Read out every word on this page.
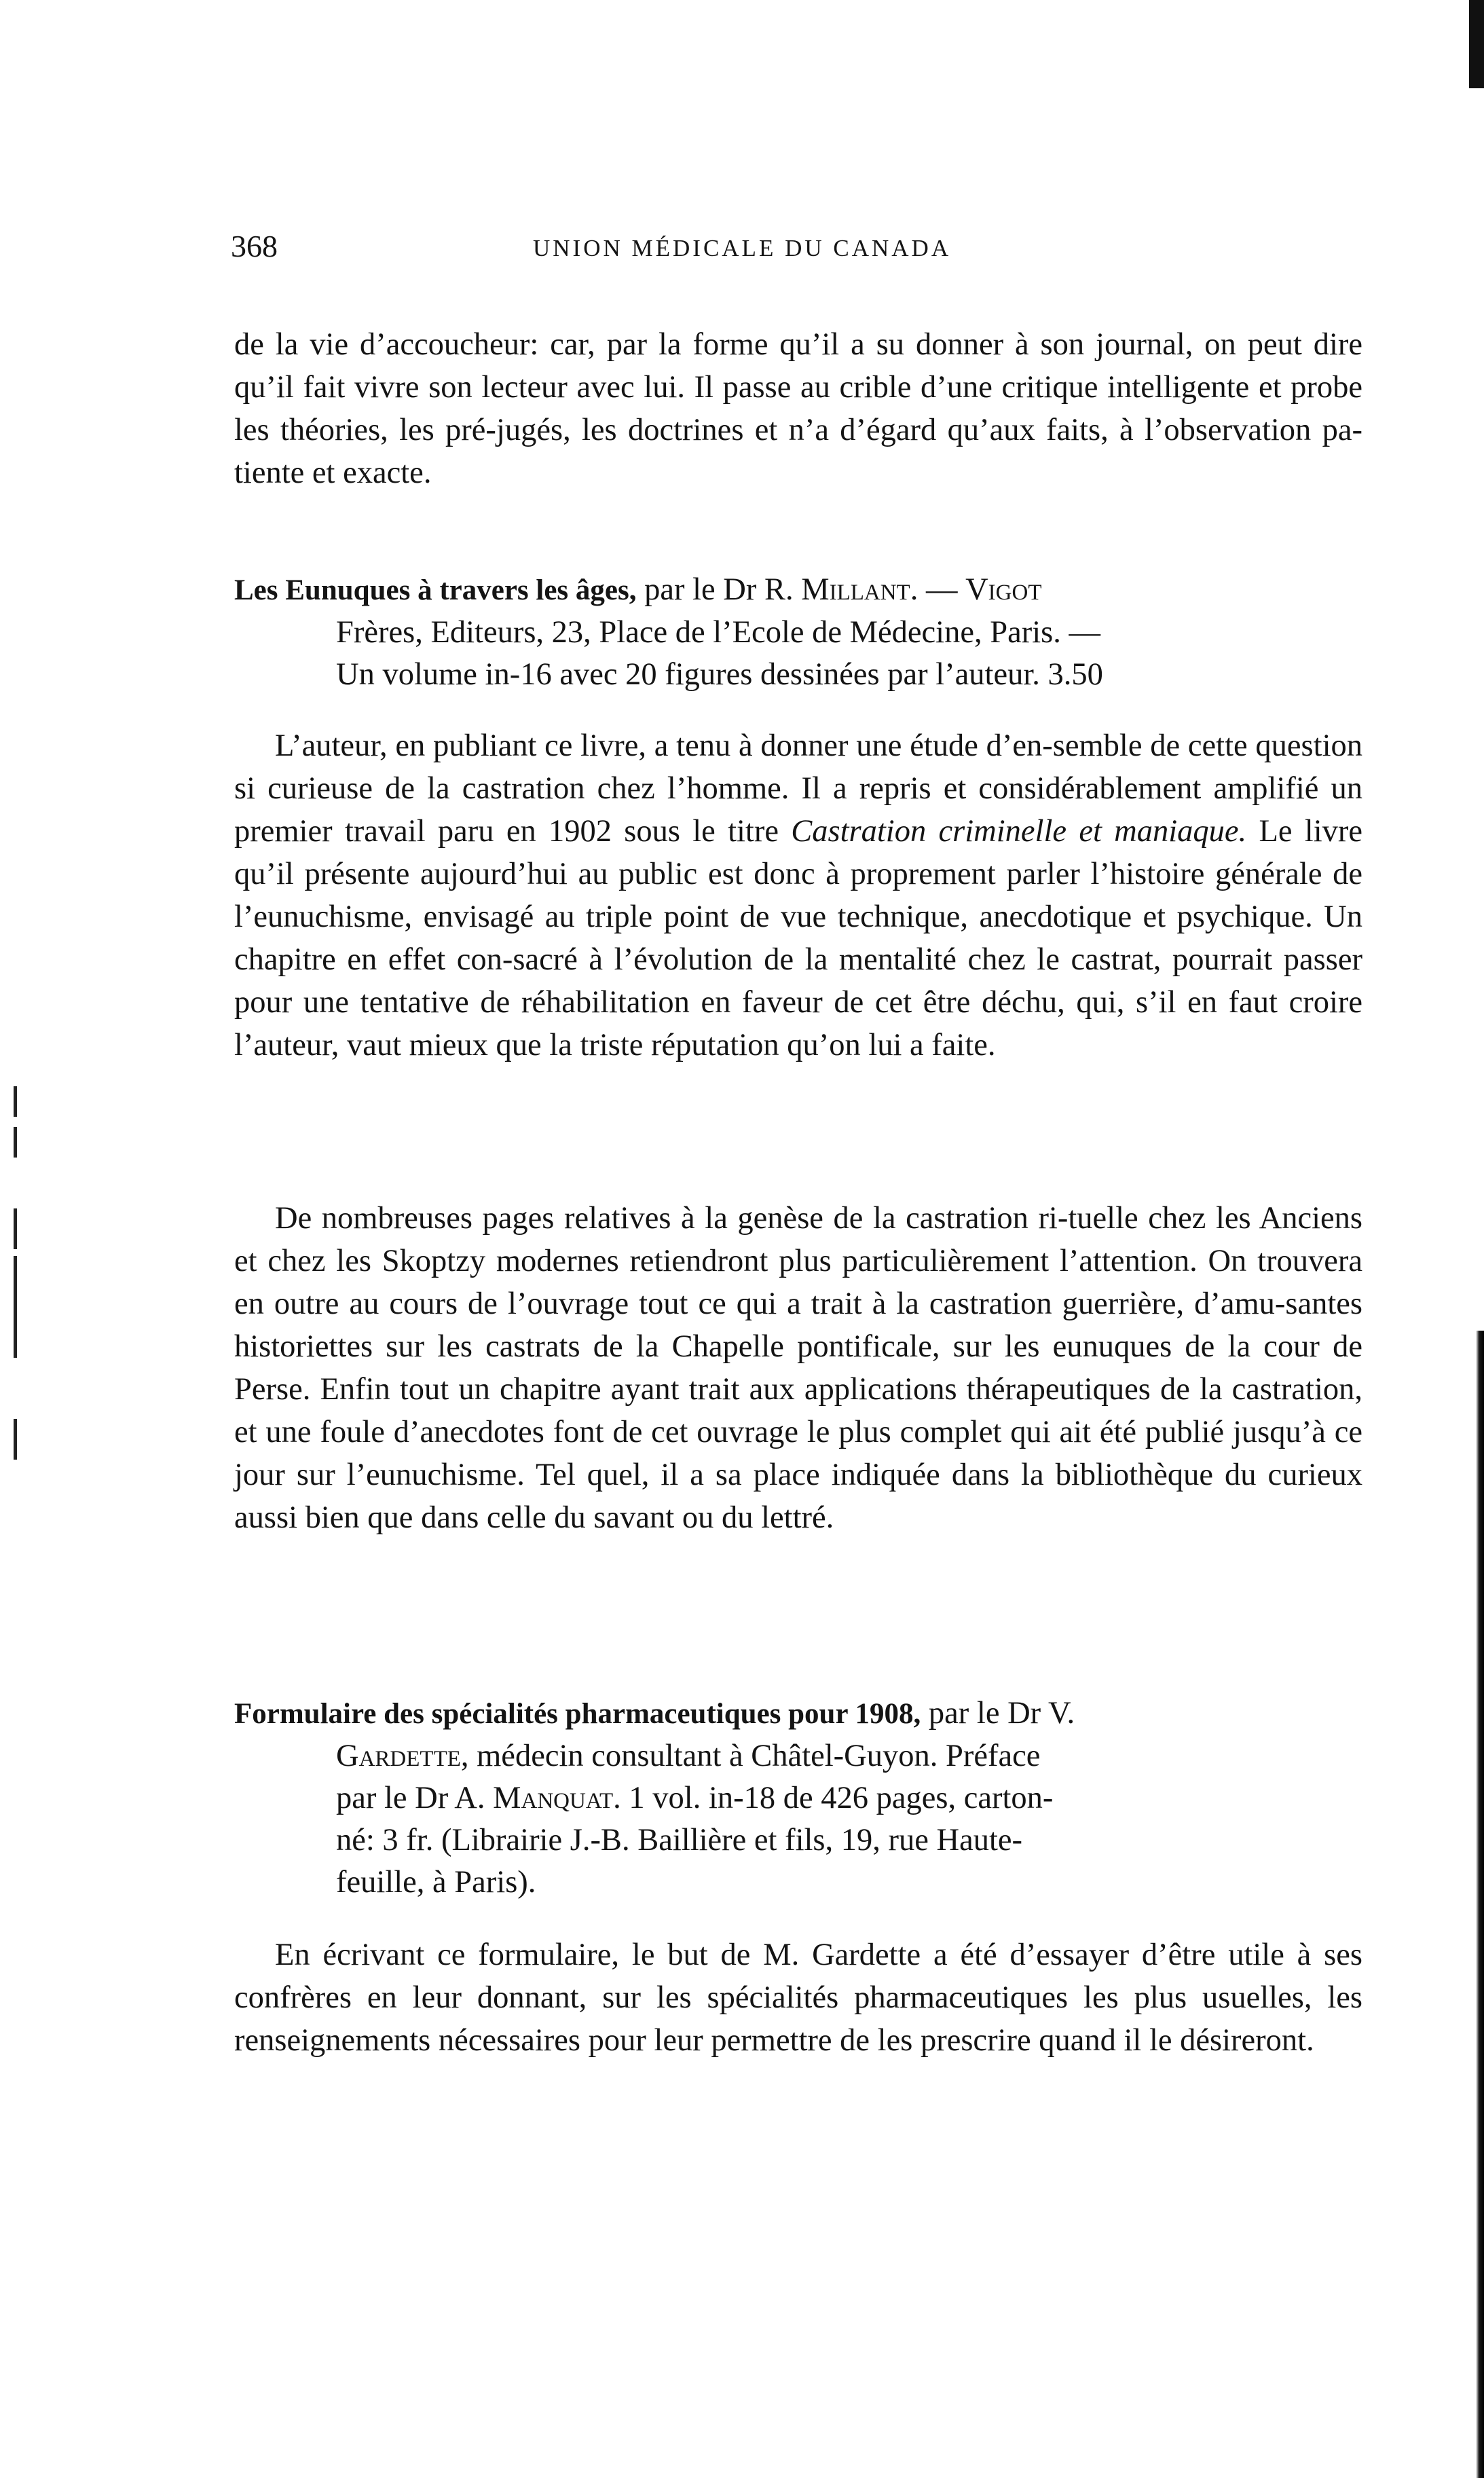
368	UNION MÉDICALE DU CANADA

de la vie d’accoucheur: car, par la forme qu’il a su donner à son journal, on peut dire qu’il fait vivre son lecteur avec lui. Il passe au crible d’une critique intelligente et probe les théories, les pré-jugés, les doctrines et n’a d’égard qu’aux faits, à l’observation pa-tiente et exacte.

Les Eunuques à travers les âges, par le Dr R. Millant. — Vigot
Frères, Editeurs, 23, Place de l’Ecole de Médecine, Paris. —
Un volume in-16 avec 20 figures dessinées par l’auteur. 3.50

L’auteur, en publiant ce livre, a tenu à donner une étude d’en-semble de cette question si curieuse de la castration chez l’homme. Il a repris et considérablement amplifié un premier travail paru en 1902 sous le titre Castration criminelle et maniaque. Le livre qu’il présente aujourd’hui au public est donc à proprement parler l’histoire générale de l’eunuchisme, envisagé au triple point de vue technique, anecdotique et psychique. Un chapitre en effet con-sacré à l’évolution de la mentalité chez le castrat, pourrait passer pour une tentative de réhabilitation en faveur de cet être déchu, qui, s’il en faut croire l’auteur, vaut mieux que la triste réputation qu’on lui a faite.

De nombreuses pages relatives à la genèse de la castration ri-tuelle chez les Anciens et chez les Skoptzy modernes retiendront plus particulièrement l’attention. On trouvera en outre au cours de l’ouvrage tout ce qui a trait à la castration guerrière, d’amu-santes historiettes sur les castrats de la Chapelle pontificale, sur les eunuques de la cour de Perse. Enfin tout un chapitre ayant trait aux applications thérapeutiques de la castration, et une foule d’anecdotes font de cet ouvrage le plus complet qui ait été publié jusqu’à ce jour sur l’eunuchisme. Tel quel, il a sa place indiquée dans la bibliothèque du curieux aussi bien que dans celle du savant ou du lettré.

Formulaire des spécialités pharmaceutiques pour 1908, par le Dr V.
Gardette, médecin consultant à Châtel-Guyon. Préface
par le Dr A. Manquat. 1 vol. in-18 de 426 pages, carton-
né: 3 fr. (Librairie J.-B. Baillière et fils, 19, rue Haute-
feuille, à Paris).

En écrivant ce formulaire, le but de M. Gardette a été d’essayer d’être utile à ses confrères en leur donnant, sur les spécialités pharmaceutiques les plus usuelles, les renseignements nécessaires pour leur permettre de les prescrire quand il le désireront.
